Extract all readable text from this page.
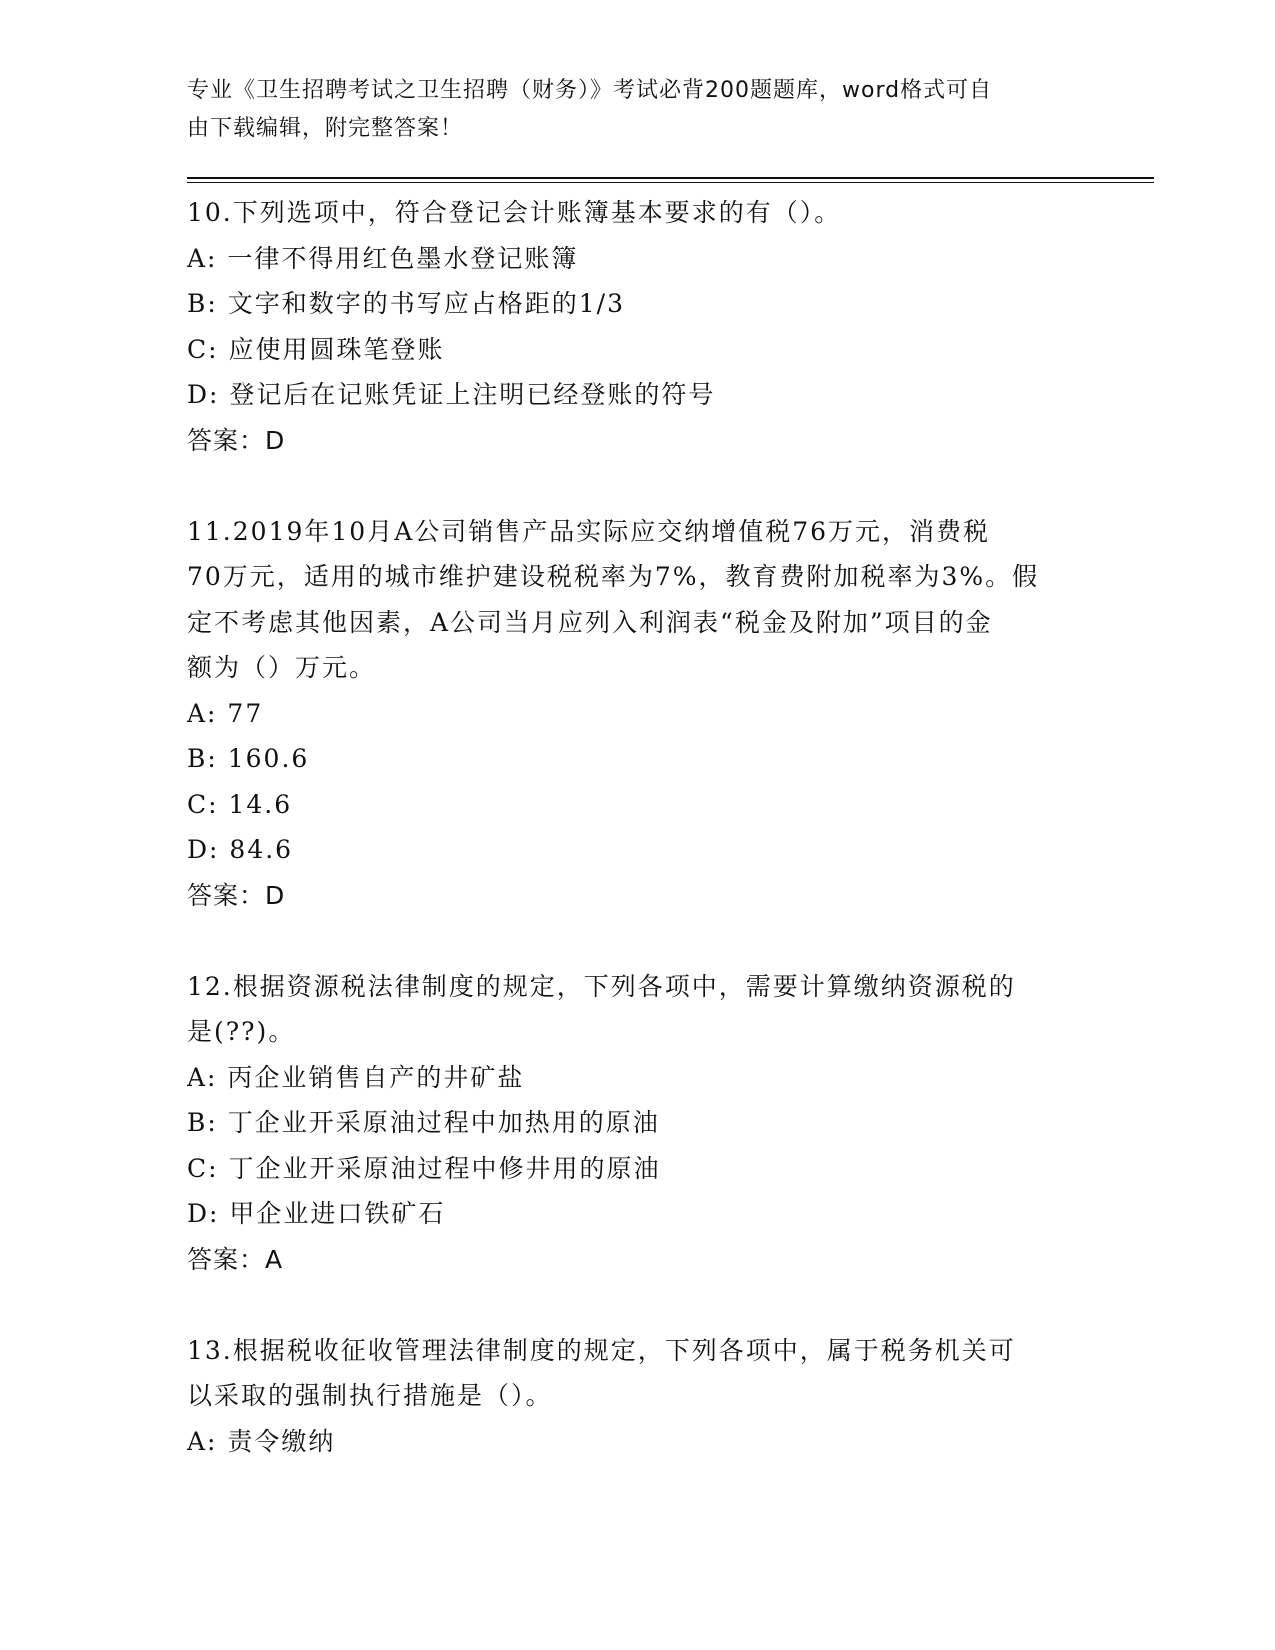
专业《卫生招聘考试之卫生招聘（财务）》考试必背200题题库，word格式可自
由下载编辑，附完整答案！
10.下列选项中，符合登记会计账簿基本要求的有（）。
A: 一律不得用红色墨水登记账簿
B: 文字和数字的书写应占格距的1/3
C: 应使用圆珠笔登账
D: 登记后在记账凭证上注明已经登账的符号
答案：D
11.2019年10月A公司销售产品实际应交纳增值税76万元，消费税
70万元，适用的城市维护建设税税率为7%，教育费附加税率为3%。假
定不考虑其他因素，A公司当月应列入利润表“税金及附加”项目的金
额为（）万元。
A: 77
B: 160.6
C: 14.6
D: 84.6
答案：D
12.根据资源税法律制度的规定，下列各项中，需要计算缴纳资源税的
是(??)。
A: 丙企业销售自产的井矿盐
B: 丁企业开采原油过程中加热用的原油
C: 丁企业开采原油过程中修井用的原油
D: 甲企业进口铁矿石
答案：A
13.根据税收征收管理法律制度的规定，下列各项中，属于税务机关可
以采取的强制执行措施是（）。
A: 责令缴纳
